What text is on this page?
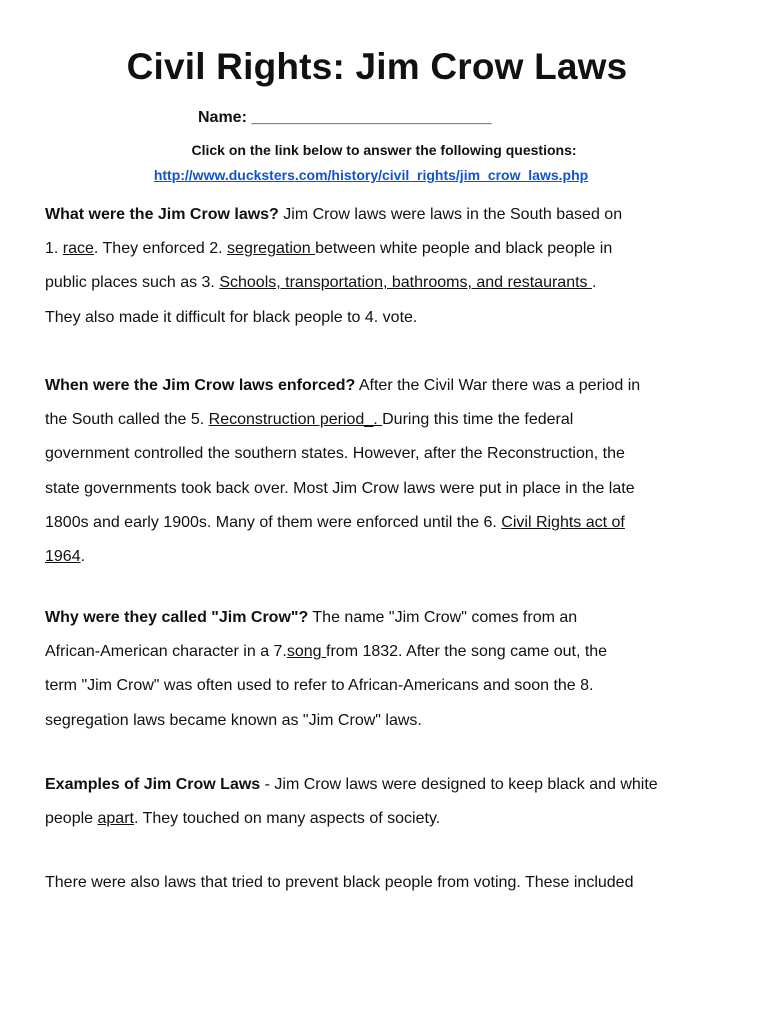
Civil Rights: Jim Crow Laws
Name: ___________________________
Click on the link below to answer the following questions:
http://www.ducksters.com/history/civil_rights/jim_crow_laws.php
What were the Jim Crow laws? Jim Crow laws were laws in the South based on
1. race. They enforced 2. segregation between white people and black people in
public places such as 3. Schools, transportation, bathrooms, and restaurants .
They also made it difficult for black people to 4. vote.
When were the Jim Crow laws enforced? After the Civil War there was a period in
the South called the 5. Reconstruction period_. During this time the federal
government controlled the southern states. However, after the Reconstruction, the
state governments took back over. Most Jim Crow laws were put in place in the late
1800s and early 1900s. Many of them were enforced until the 6. Civil Rights act of
1964.
Why were they called "Jim Crow"? The name "Jim Crow" comes from an
African-American character in a 7.song from 1832. After the song came out, the
term "Jim Crow" was often used to refer to African-Americans and soon the 8.
segregation laws became known as "Jim Crow" laws.
Examples of Jim Crow Laws - Jim Crow laws were designed to keep black and white
people apart. They touched on many aspects of society.
There were also laws that tried to prevent black people from voting. These included
